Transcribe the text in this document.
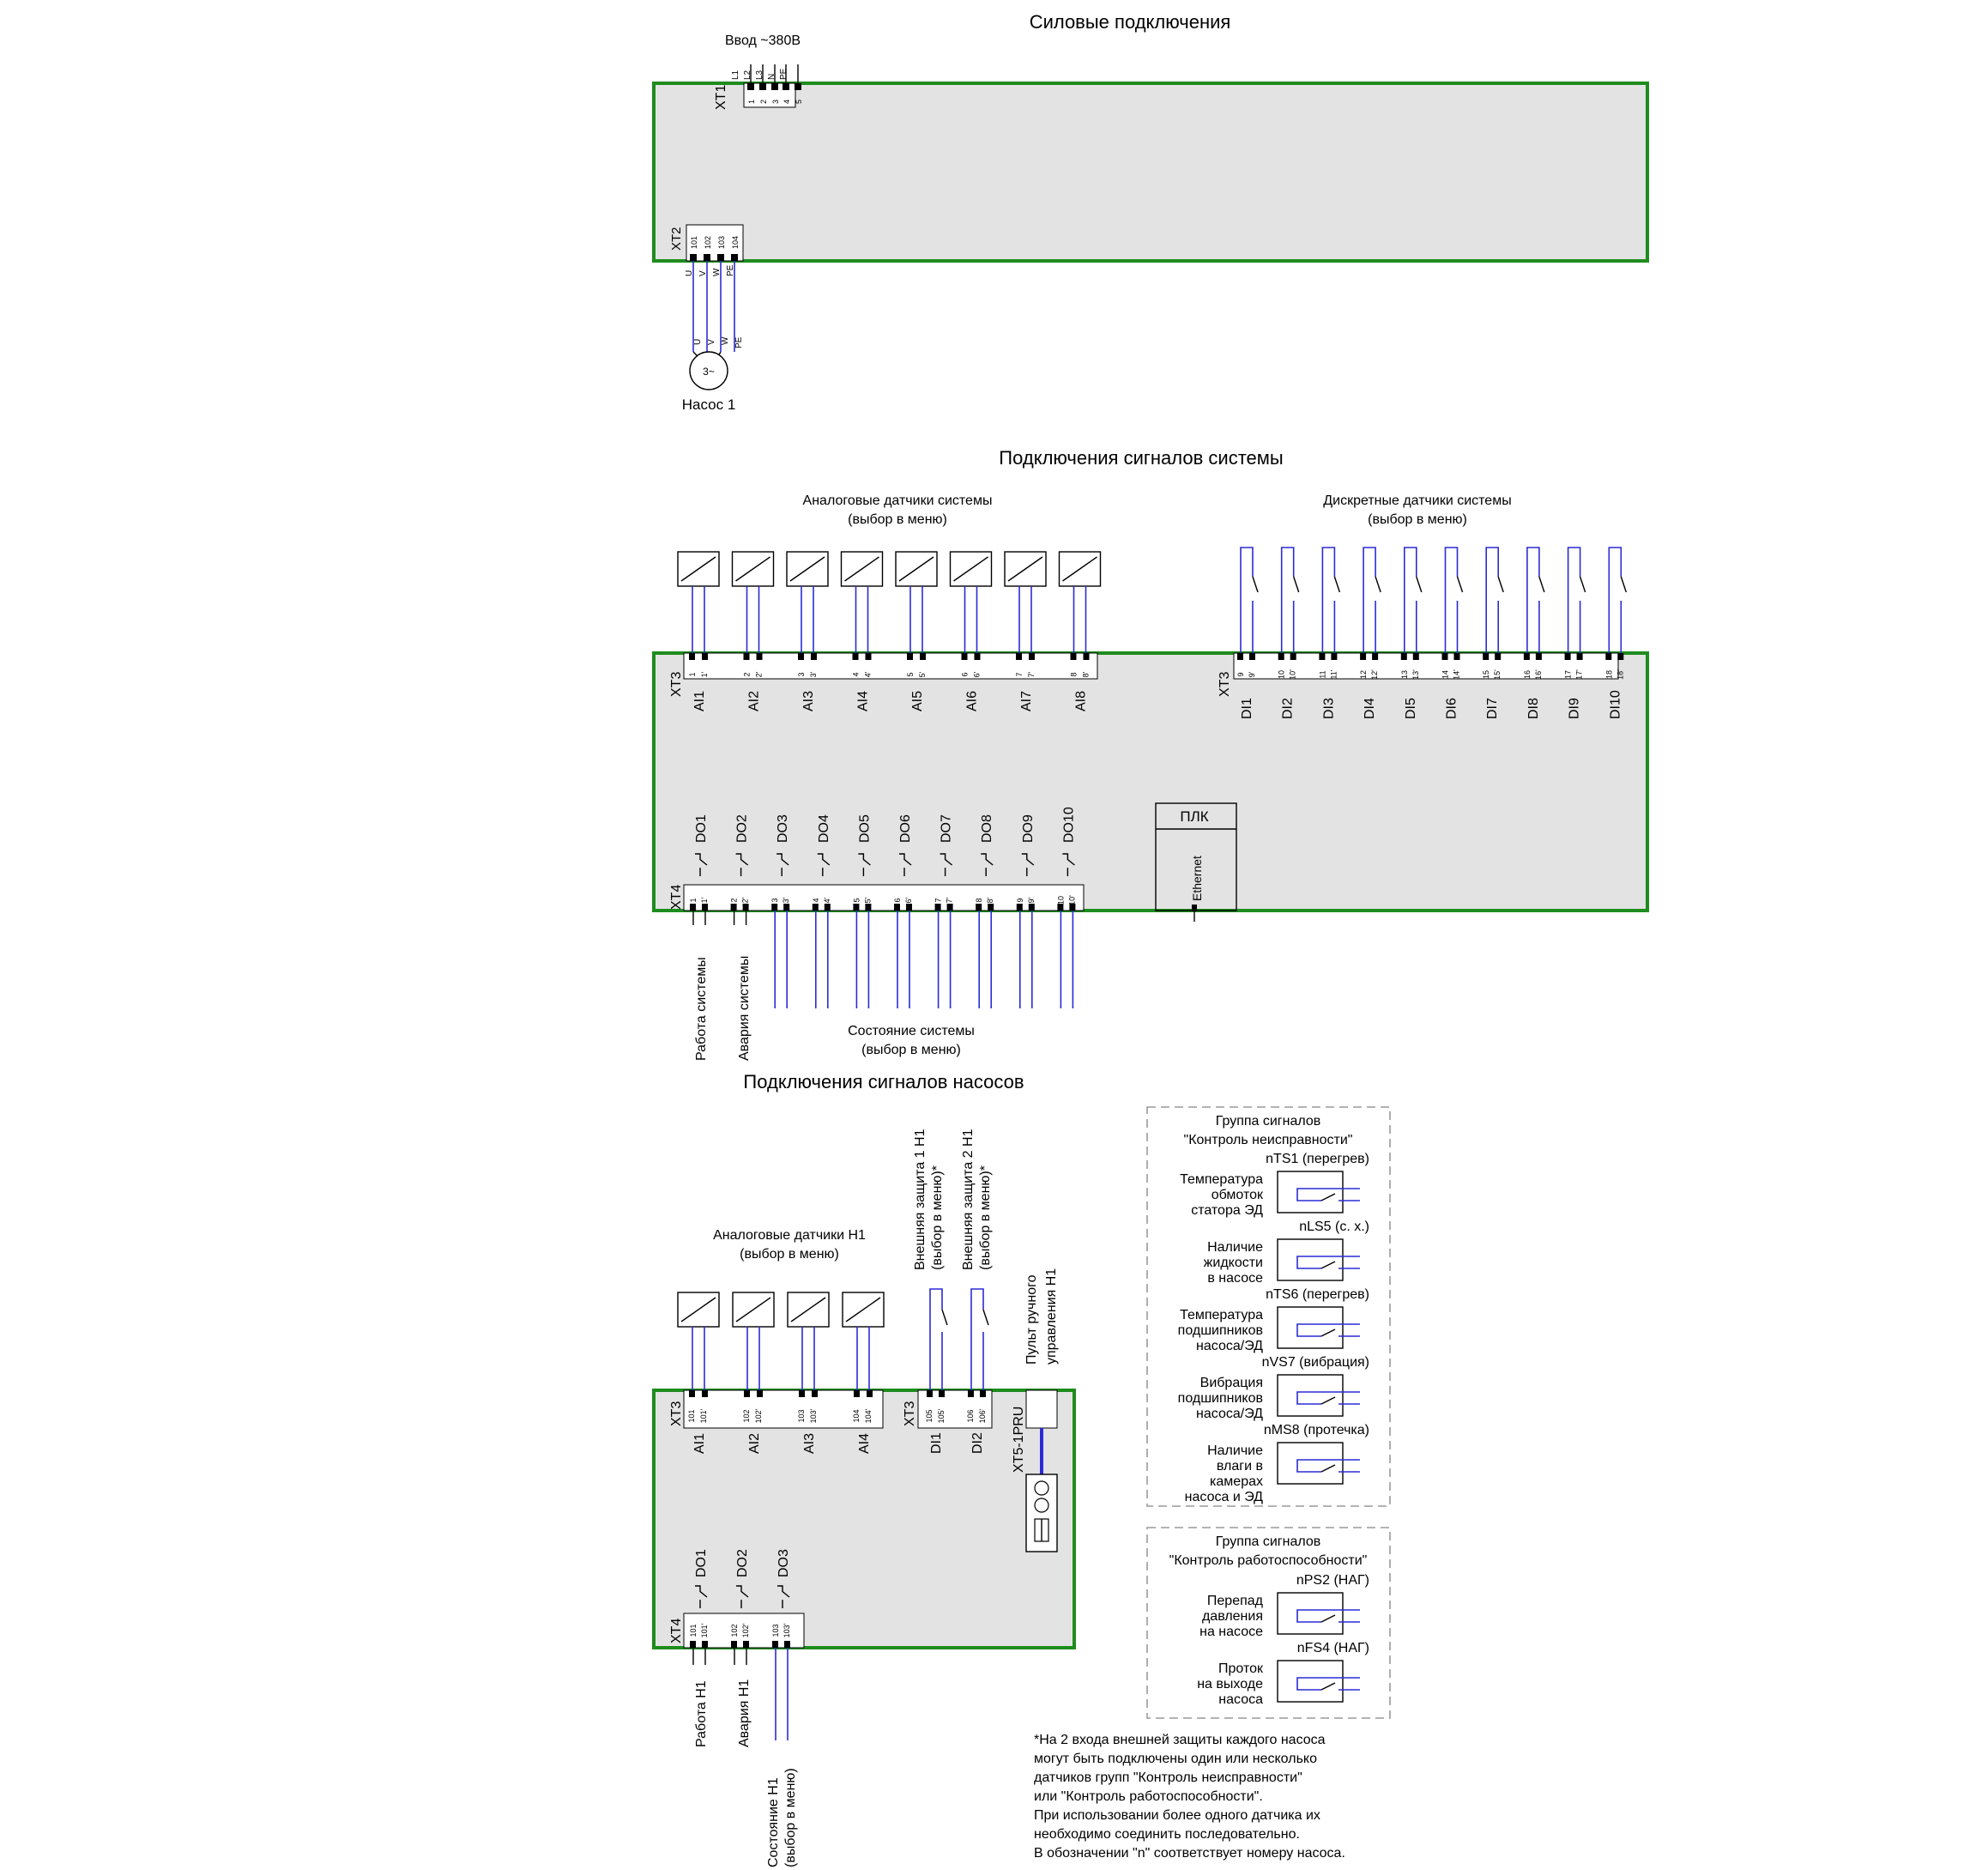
Силовые подключения
Ввод ~380В
XT1
L1 L2 L3 N PE
1 2 3 4 5
XT2 101 102 103 104
U V W PE
U V W PE
3~
Насос 1
Подключения сигналов системы
Аналоговые датчики системы
(выбор в меню)
Дискретные датчики системы
(выбор в меню)
XT3 1 1'
AI1
2 2'
AI2
3 3'
AI3
4 4'
AI4
5 5'
AI5
6 6'
AI6
7 7'
AI7
8 8'
AI8
XT3 9 9'
DI1
10 10'
DI2
11 11'
DI3
12 12'
DI4
13 13'
DI5
14 14'
DI6
15 15'
DI7
16 16'
DI8
17 17'
DI9
18 18'
DI10
XT4
DO1
1 1'
DO2
2 2'
DO3
3 3'
DO4
4 4'
DO5
5 5'
DO6
6 6'
DO7
7 7'
DO8
8 8'
DO9
9 9'
DO10
10 10'
ПЛК
Ethernet
Работа системы Авария системы	Состояние системы
(выбор в меню)
Подключения сигналов насосов
Аналоговые датчики Н1
(выбор в меню)	Внешняя защита 1 Н1 (выбор в меню)* Внешняя защита 2 Н1 (выбор в меню)*
Пульт ручного управления Н1
XT3 101 101'
AI1
102 102'
AI2
103 103'
AI3
104 104'
AI4
XT3 105 105'
DI1
106 106'
DI2
XT4
DO1
101 101'
DO2
102 102'
DO3
103 103'
XT5-1PRU
Работа Н1 Авария Н1
Состояние Н1 (выбор в меню)
Группа сигналов
"Контроль неисправности"
nTS1 (перегрев)
Температура
обмоток
статора ЭД
nLS5 (с. х.)
Наличие
жидкости
в насосе
nTS6 (перегрев)
Температура
подшипников
насоса/ЭД
nVS7 (вибрация)
Вибрация
подшипников
насоса/ЭД
nMS8 (протечка)
Наличие
влаги в
камерах
насоса и ЭД
Группа сигналов
"Контроль работоспособности"
nPS2 (НАГ)
Перепад
давления
на насосе
nFS4 (НАГ)
Проток
на выходе
насоса
*На 2 входа внешней защиты каждого насоса
могут быть подключены один или несколько
датчиков групп "Контроль неисправности"
или "Контроль работоспособности".
При использовании более одного датчика их
необходимо соединить последовательно.
В обозначении "n" соответствует номеру насоса.
